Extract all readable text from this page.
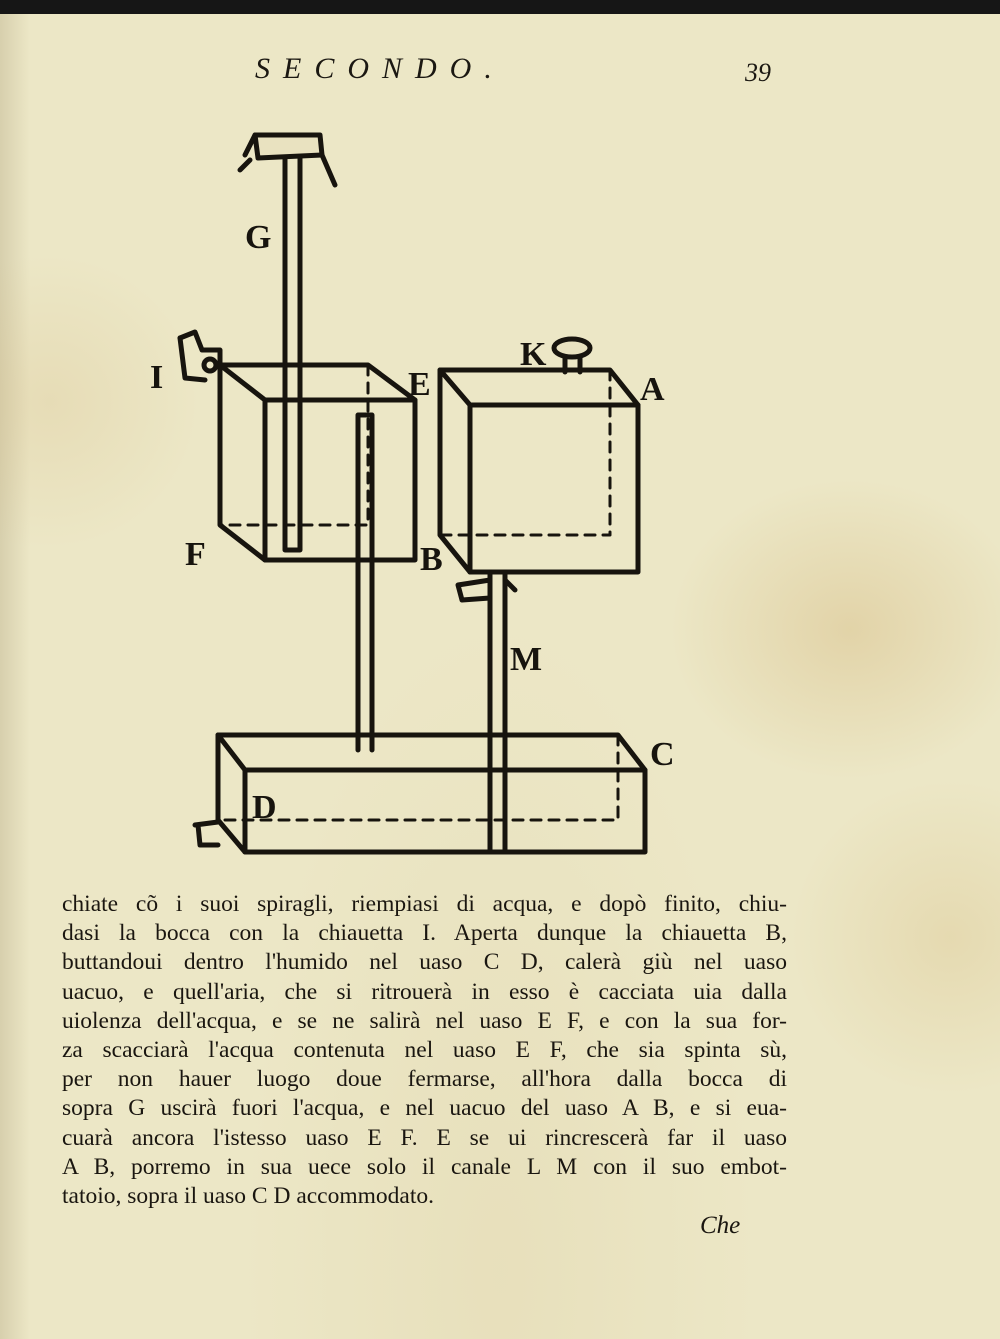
SECONDO.	39

G
I
K
E	A
F	B
M
C
D
chiate cõ i suoi spiragli, riempiasi di acqua, e dopò finito, chiu-
dasi la bocca con la chiauetta I. Aperta dunque la chiauetta B,
buttandoui dentro l'humido nel uaso C D, calerà giù nel uaso
uacuo, e quell'aria, che si ritrouerà in esso è cacciata uia dalla
uiolenza dell'acqua, e se ne salirà nel uaso E F, e con la sua for-
za scacciarà l'acqua contenuta nel uaso E F, che sia spinta sù,
per non hauer luogo doue fermarse, all'hora dalla bocca di
sopra G uscirà fuori l'acqua, e nel uacuo del uaso A B, e si eua-
cuarà ancora l'istesso uaso E F. E se ui rincrescerà far il uaso
A B, porremo in sua uece solo il canale L M con il suo embot-
tatoio, sopra il uaso C D accommodato.

Che
